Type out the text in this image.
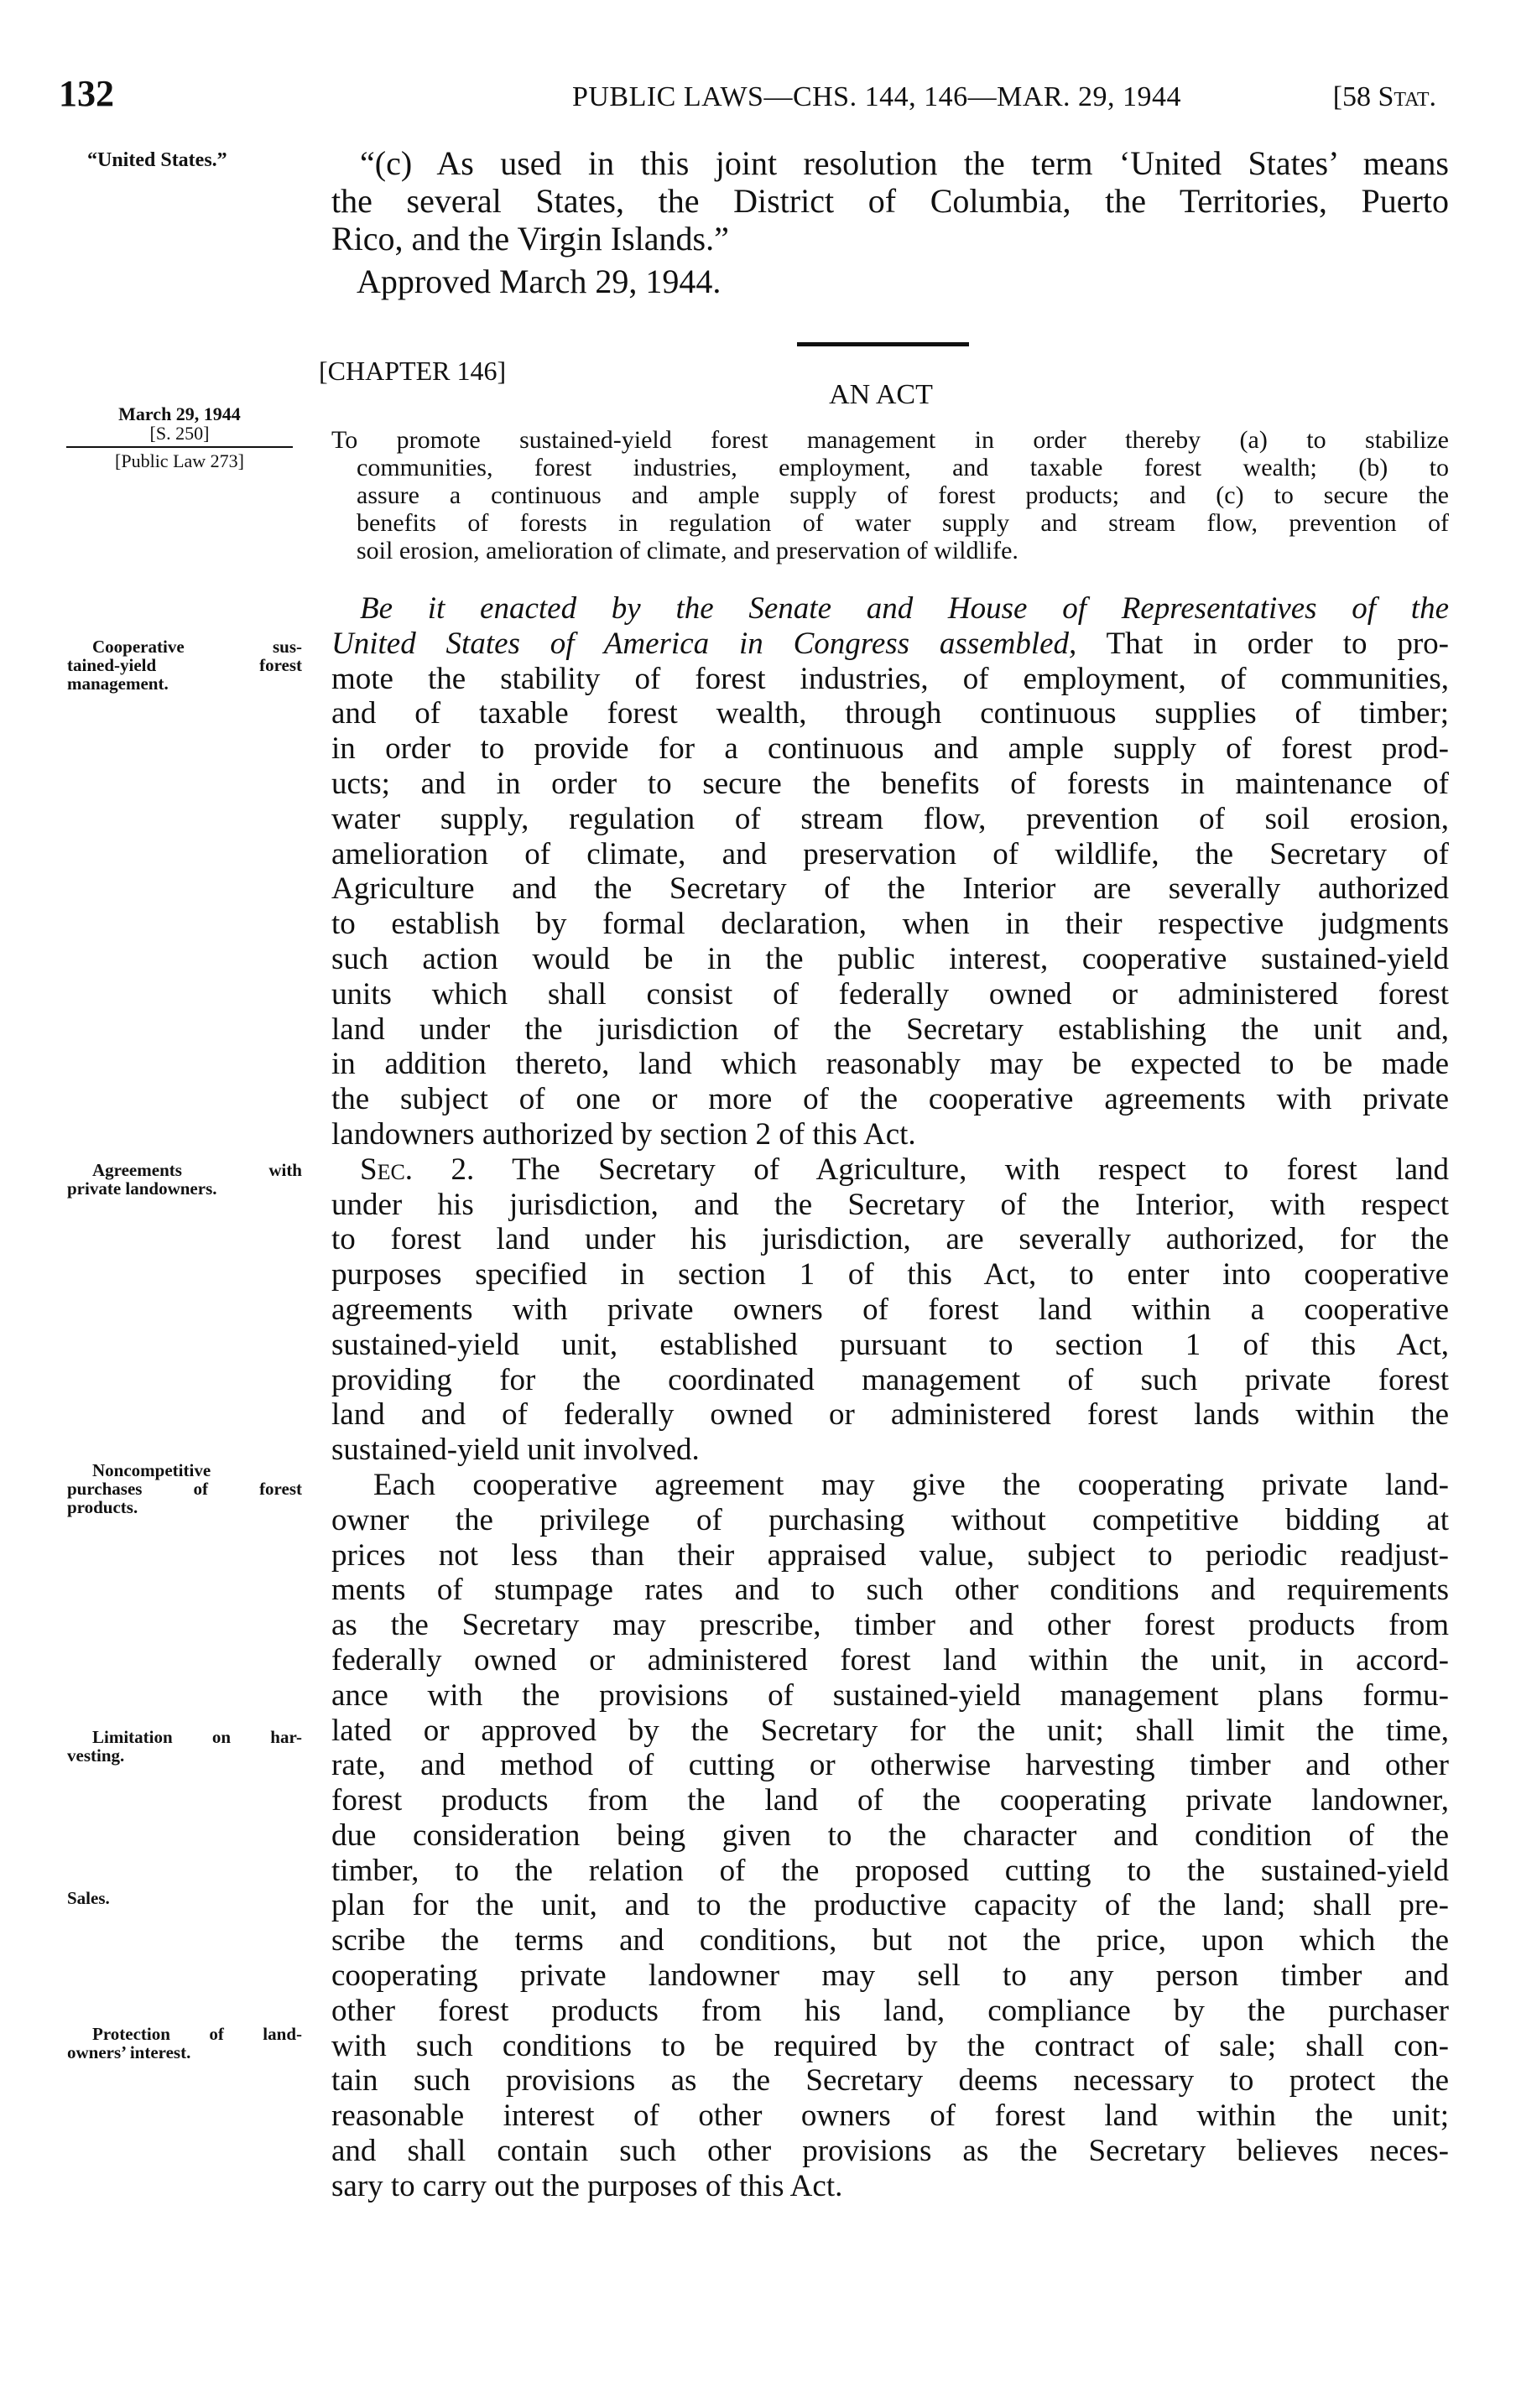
132	PUBLIC LAWS—CHS. 144, 146—MAR. 29, 1944	[58 Stat.
“United States.”	“(c) As used in this joint resolution the term ‘United States’ means
the several States, the District of Columbia, the Territories, Puerto
Rico, and the Virgin Islands.”
Approved March 29, 1944.
[CHAPTER 146]
AN ACT
March 29, 1944
[S. 250]
[Public Law 273]
To promote sustained-yield forest management in order thereby (a) to stabilize
communities, forest industries, employment, and taxable forest wealth; (b) to
assure a continuous and ample supply of forest products; and (c) to secure the
benefits of forests in regulation of water supply and stream flow, prevention of
soil erosion, amelioration of climate, and preservation of wildlife.
Be it enacted by the Senate and House of Representatives of the
United States of America in Congress assembled, That in order to pro-
mote the stability of forest industries, of employment, of communities,
and of taxable forest wealth, through continuous supplies of timber;
in order to provide for a continuous and ample supply of forest prod-
ucts; and in order to secure the benefits of forests in maintenance of
water supply, regulation of stream flow, prevention of soil erosion,
amelioration of climate, and preservation of wildlife, the Secretary of
Agriculture and the Secretary of the Interior are severally authorized
to establish by formal declaration, when in their respective judgments
such action would be in the public interest, cooperative sustained-yield
units which shall consist of federally owned or administered forest
land under the jurisdiction of the Secretary establishing the unit and,
in addition thereto, land which reasonably may be expected to be made
the subject of one or more of the cooperative agreements with private
landowners authorized by section 2 of this Act.
Sec. 2. The Secretary of Agriculture, with respect to forest land
under his jurisdiction, and the Secretary of the Interior, with respect
to forest land under his jurisdiction, are severally authorized, for the
purposes specified in section 1 of this Act, to enter into cooperative
agreements with private owners of forest land within a cooperative
sustained-yield unit, established pursuant to section 1 of this Act,
providing for the coordinated management of such private forest
land and of federally owned or administered forest lands within the
sustained-yield unit involved.
Each cooperative agreement may give the cooperating private land-
owner the privilege of purchasing without competitive bidding at
prices not less than their appraised value, subject to periodic readjust-
ments of stumpage rates and to such other conditions and requirements
as the Secretary may prescribe, timber and other forest products from
federally owned or administered forest land within the unit, in accord-
ance with the provisions of sustained-yield management plans formu-
lated or approved by the Secretary for the unit; shall limit the time,
rate, and method of cutting or otherwise harvesting timber and other
forest products from the land of the cooperating private landowner,
due consideration being given to the character and condition of the
timber, to the relation of the proposed cutting to the sustained-yield
plan for the unit, and to the productive capacity of the land; shall pre-
scribe the terms and conditions, but not the price, upon which the
cooperating private landowner may sell to any person timber and
other forest products from his land, compliance by the purchaser
with such conditions to be required by the contract of sale; shall con-
tain such provisions as the Secretary deems necessary to protect the
reasonable interest of other owners of forest land within the unit;
and shall contain such other provisions as the Secretary believes neces-
sary to carry out the purposes of this Act.
Cooperative sus-
tained-yield forest
management.
Agreements with
private landowners.
Noncompetitive
purchases of forest
products.
Limitation on har-
vesting.
Sales.
Protection of land-
owners’ interest.
